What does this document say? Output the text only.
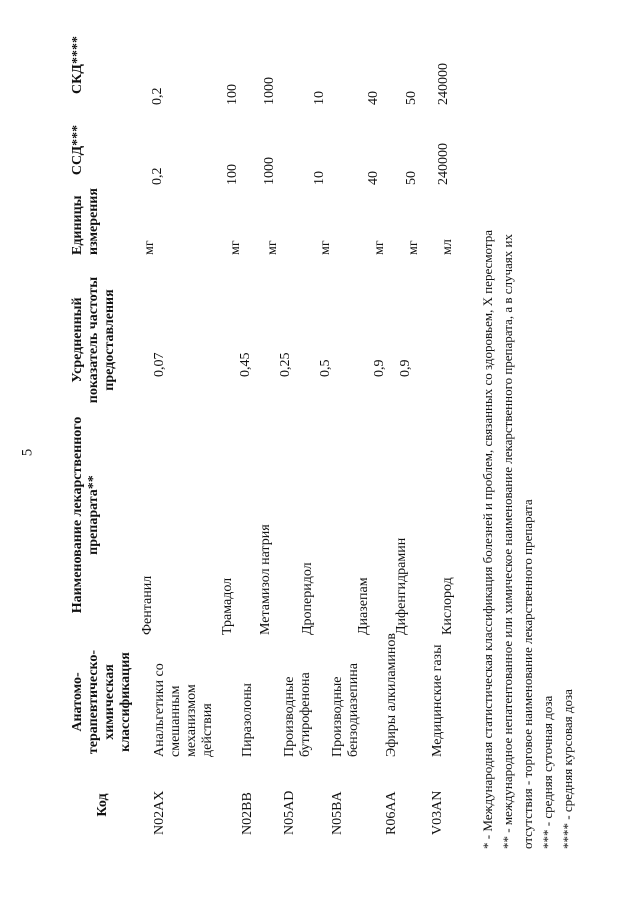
5
Код
Анатомо-терапевтическо-химическая классификация
Наименование лекарственного препарата**
Усредненный показатель частоты предоставления
Единицы измерения
ССД***
СКД****
N02AX
Анальгетики со смешанным механизмом действия
Фентанил
0,07
мг
0,2
0,2
N02BB
Пиразолоны
Трамадол
0,45
мг
100
100
Метамизол натрия
0,25
мг
1000
1000
N05AD
Производные бутирофенона
Дроперидол
0,5
мг
10
10
N05BA
Производные бензодиазепина
Диазепам
0,9
мг
40
40
R06AA
Эфиры алкиламинов
Дифенгидрамин
0,9
мг
50
50
V03AN
Медицинские газы
Кислород
мл
240000
240000
* - Международная статистическая классификация болезней и проблем, связанных со здоровьем, X пересмотра ** - международное непатентованное или химическое наименование лекарственного препарата, а в случаях их отсутствия - торговое наименование лекарственного препарата *** - средняя суточная доза **** - средняя курсовая доза
